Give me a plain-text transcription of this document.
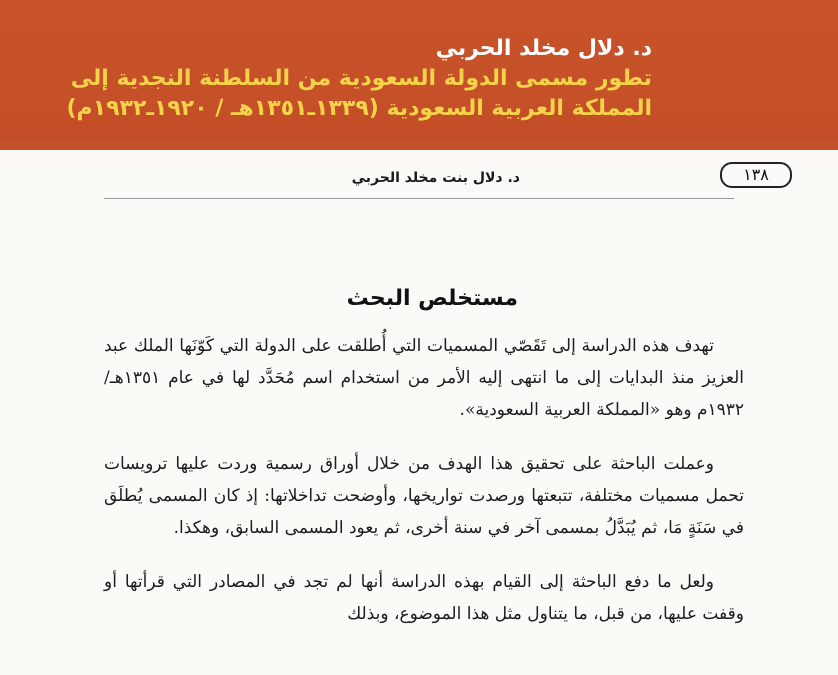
د. دلال مخلد الحربي
تطور مسمى الدولة السعودية من السلطنة النجدية إلى المملكة العربية السعودية (١٣٣٩ـ١٣٥١هـ / ١٩٢٠ـ١٩٣٢م)
١٣٨
د. دلال بنت مخلد الحربي
مستخلص البحث

تهدف هذه الدراسة إلى تَقَصّي المسميات التي أُطلقت على الدولة التي كَوّنَها الملك عبد العزيز منذ البدايات إلى ما انتهى إليه الأمر من استخدام اسم مُحَدَّد لها في عام ١٣٥١هـ/١٩٣٢م وهو «المملكة العربية السعودية».

وعملت الباحثة على تحقيق هذا الهدف من خلال أوراق رسمية وردت عليها ترويسات تحمل مسميات مختلفة، تتبعتها ورصدت تواريخها، وأوضحت تداخلاتها: إذ كان المسمى يُطلَق في سَنَةٍ مَا، ثم يُبَدَّلُ بمسمى آخر في سنة أخرى، ثم يعود المسمى السابق، وهكذا.

ولعل ما دفع الباحثة إلى القيام بهذه الدراسة أنها لم تجد في المصادر التي قرأتها أو وقفت عليها، من قبل، ما يتناول مثل هذا الموضوع، وبذلك
